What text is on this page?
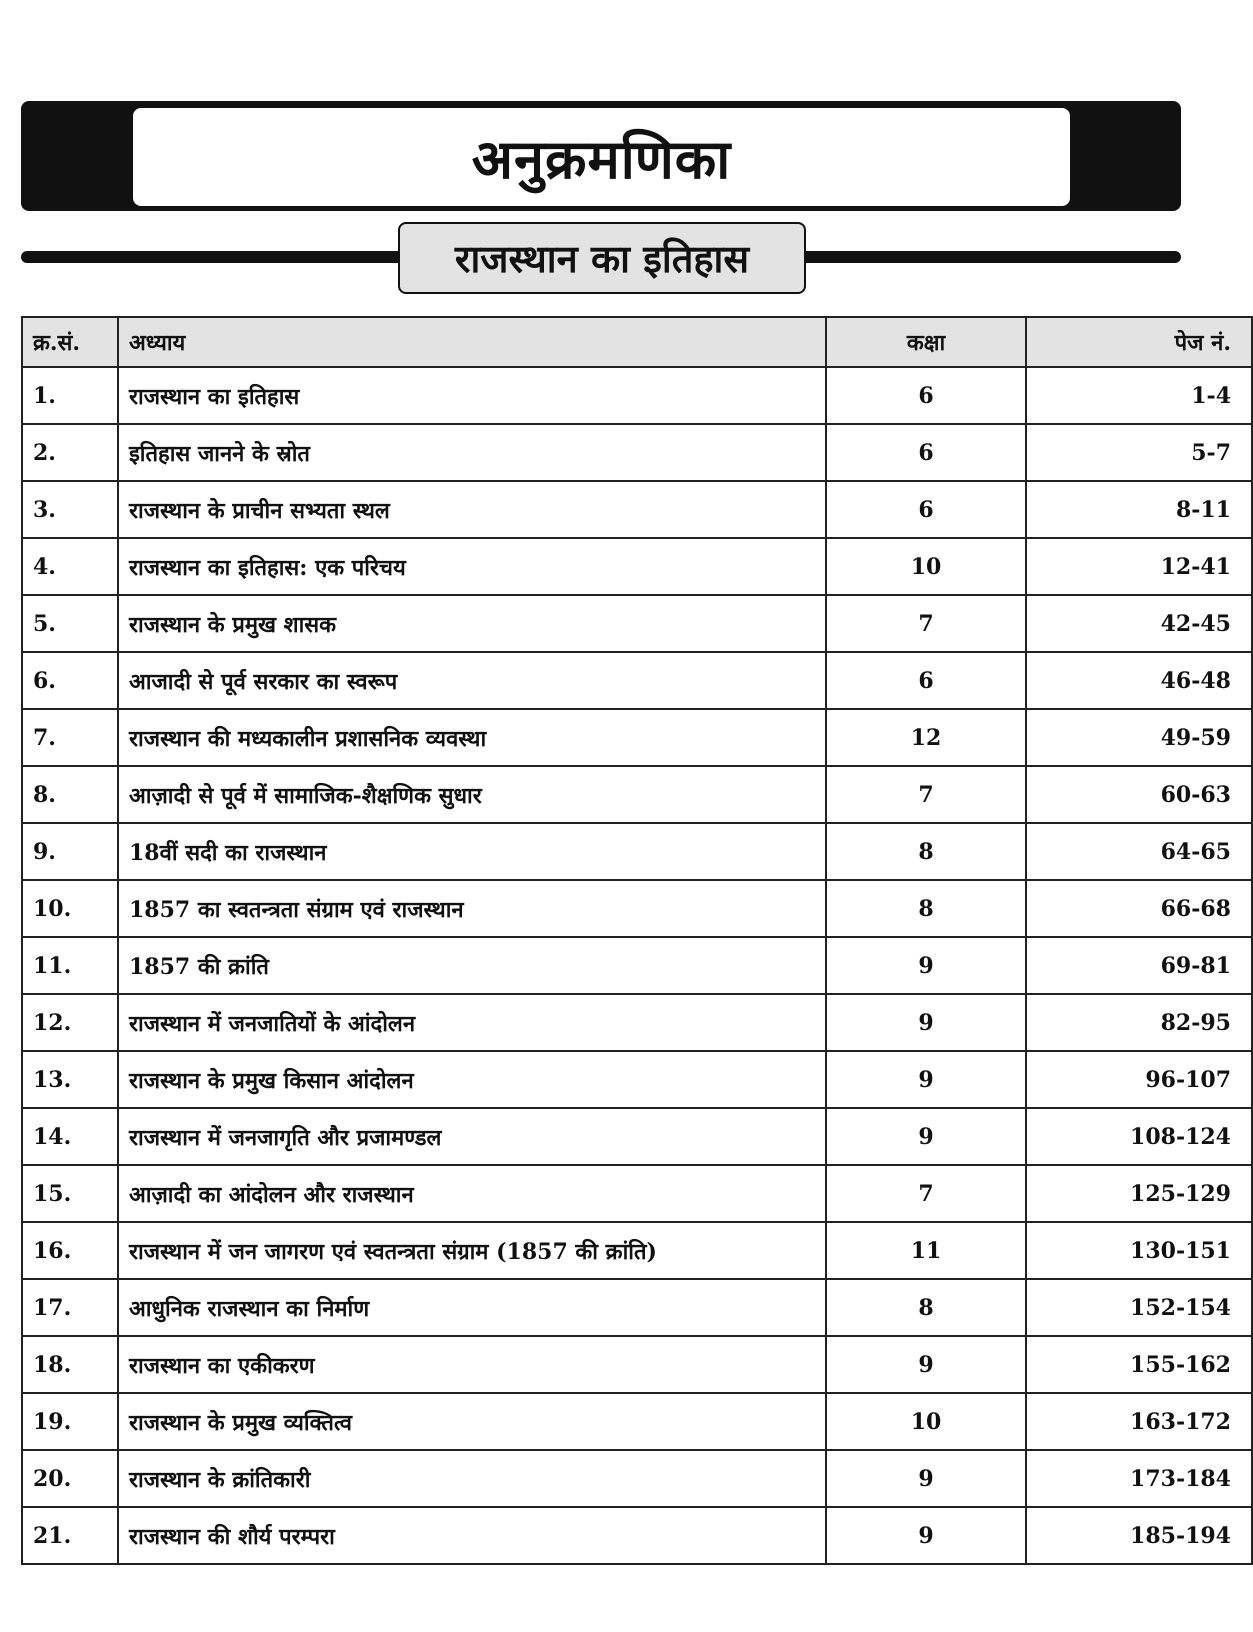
अनुक्रमणिका
राजस्थान का इतिहास
क्र.सं.	अध्याय	कक्षा	पेज नं.
1.	राजस्थान का इतिहास	6	1-4
2.	इतिहास जानने के स्रोत	6	5-7
3.	राजस्थान के प्राचीन सभ्यता स्थल	6	8-11
4.	राजस्थान का इतिहास: एक परिचय	10	12-41
5.	राजस्थान के प्रमुख शासक	7	42-45
6.	आजादी से पूर्व सरकार का स्वरूप	6	46-48
7.	राजस्थान की मध्यकालीन प्रशासनिक व्यवस्था	12	49-59
8.	आज़ादी से पूर्व में सामाजिक-शैक्षणिक सुधार	7	60-63
9.	18वीं सदी का राजस्थान	8	64-65
10.	1857 का स्वतन्त्रता संग्राम एवं राजस्थान	8	66-68
11.	1857 की क्रांति	9	69-81
12.	राजस्थान में जनजातियों के आंदोलन	9	82-95
13.	राजस्थान के प्रमुख किसान आंदोलन	9	96-107
14.	राजस्थान में जनजागृति और प्रजामण्डल	9	108-124
15.	आज़ादी का आंदोलन और राजस्थान	7	125-129
16.	राजस्थान में जन जागरण एवं स्वतन्त्रता संग्राम (1857 की क्रांति)	11	130-151
17.	आधुनिक राजस्थान का निर्माण	8	152-154
18.	राजस्थान का एकीकरण	9	155-162
19.	राजस्थान के प्रमुख व्यक्तित्व	10	163-172
20.	राजस्थान के क्रांतिकारी	9	173-184
21.	राजस्थान की शौर्य परम्परा	9	185-194
